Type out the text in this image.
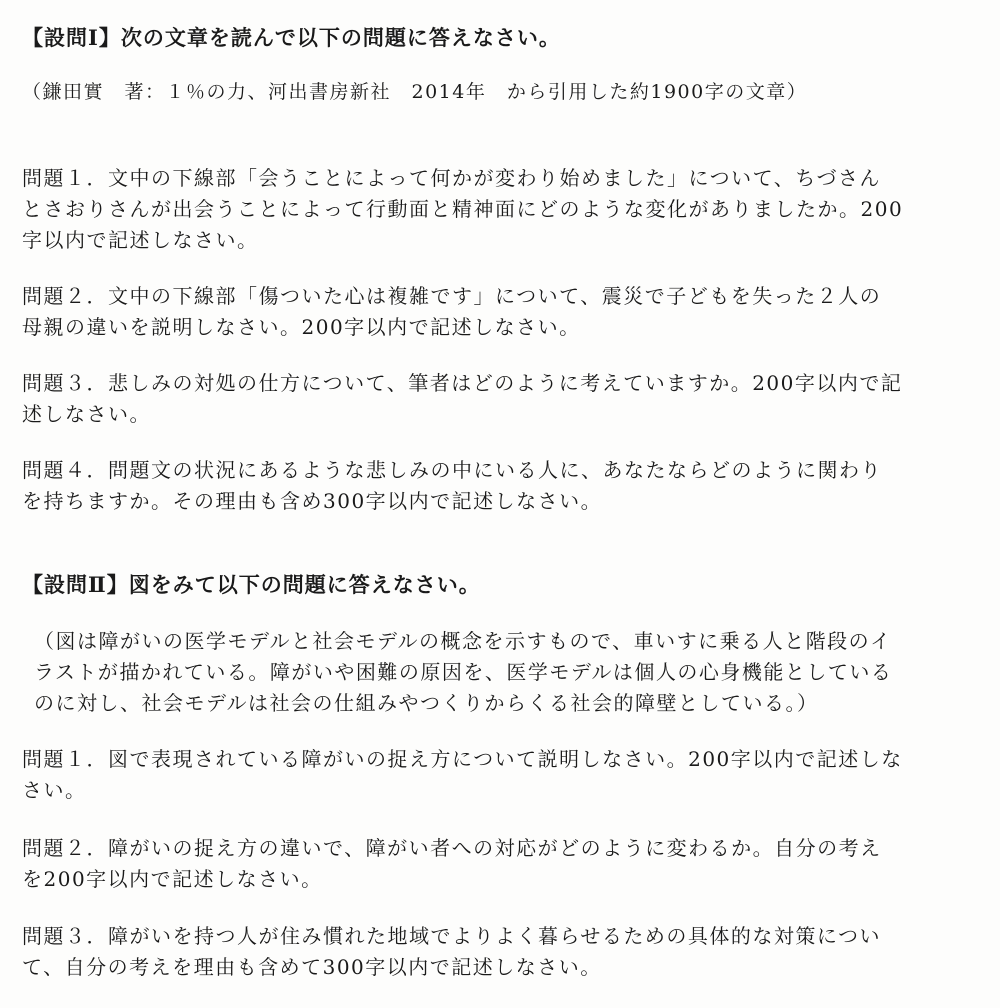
【設問Ⅰ】次の文章を読んで以下の問題に答えなさい。
（鎌田實　著：１％の力、河出書房新社　2014年　から引用した約1900字の文章）
問題１．文中の下線部「会うことによって何かが変わり始めました」について、ちづさん
とさおりさんが出会うことによって行動面と精神面にどのような変化がありましたか。200
字以内で記述しなさい。
問題２．文中の下線部「傷ついた心は複雑です」について、震災で子どもを失った２人の
母親の違いを説明しなさい。200字以内で記述しなさい。
問題３．悲しみの対処の仕方について、筆者はどのように考えていますか。200字以内で記
述しなさい。
問題４．問題文の状況にあるような悲しみの中にいる人に、あなたならどのように関わり
を持ちますか。その理由も含め300字以内で記述しなさい。
【設問Ⅱ】図をみて以下の問題に答えなさい。
（図は障がいの医学モデルと社会モデルの概念を示すもので、車いすに乗る人と階段のイ
ラストが描かれている。障がいや困難の原因を、医学モデルは個人の心身機能としている
のに対し、社会モデルは社会の仕組みやつくりからくる社会的障壁としている。）
問題１．図で表現されている障がいの捉え方について説明しなさい。200字以内で記述しな
さい。
問題２．障がいの捉え方の違いで、障がい者への対応がどのように変わるか。自分の考え
を200字以内で記述しなさい。
問題３．障がいを持つ人が住み慣れた地域でよりよく暮らせるための具体的な対策につい
て、自分の考えを理由も含めて300字以内で記述しなさい。
